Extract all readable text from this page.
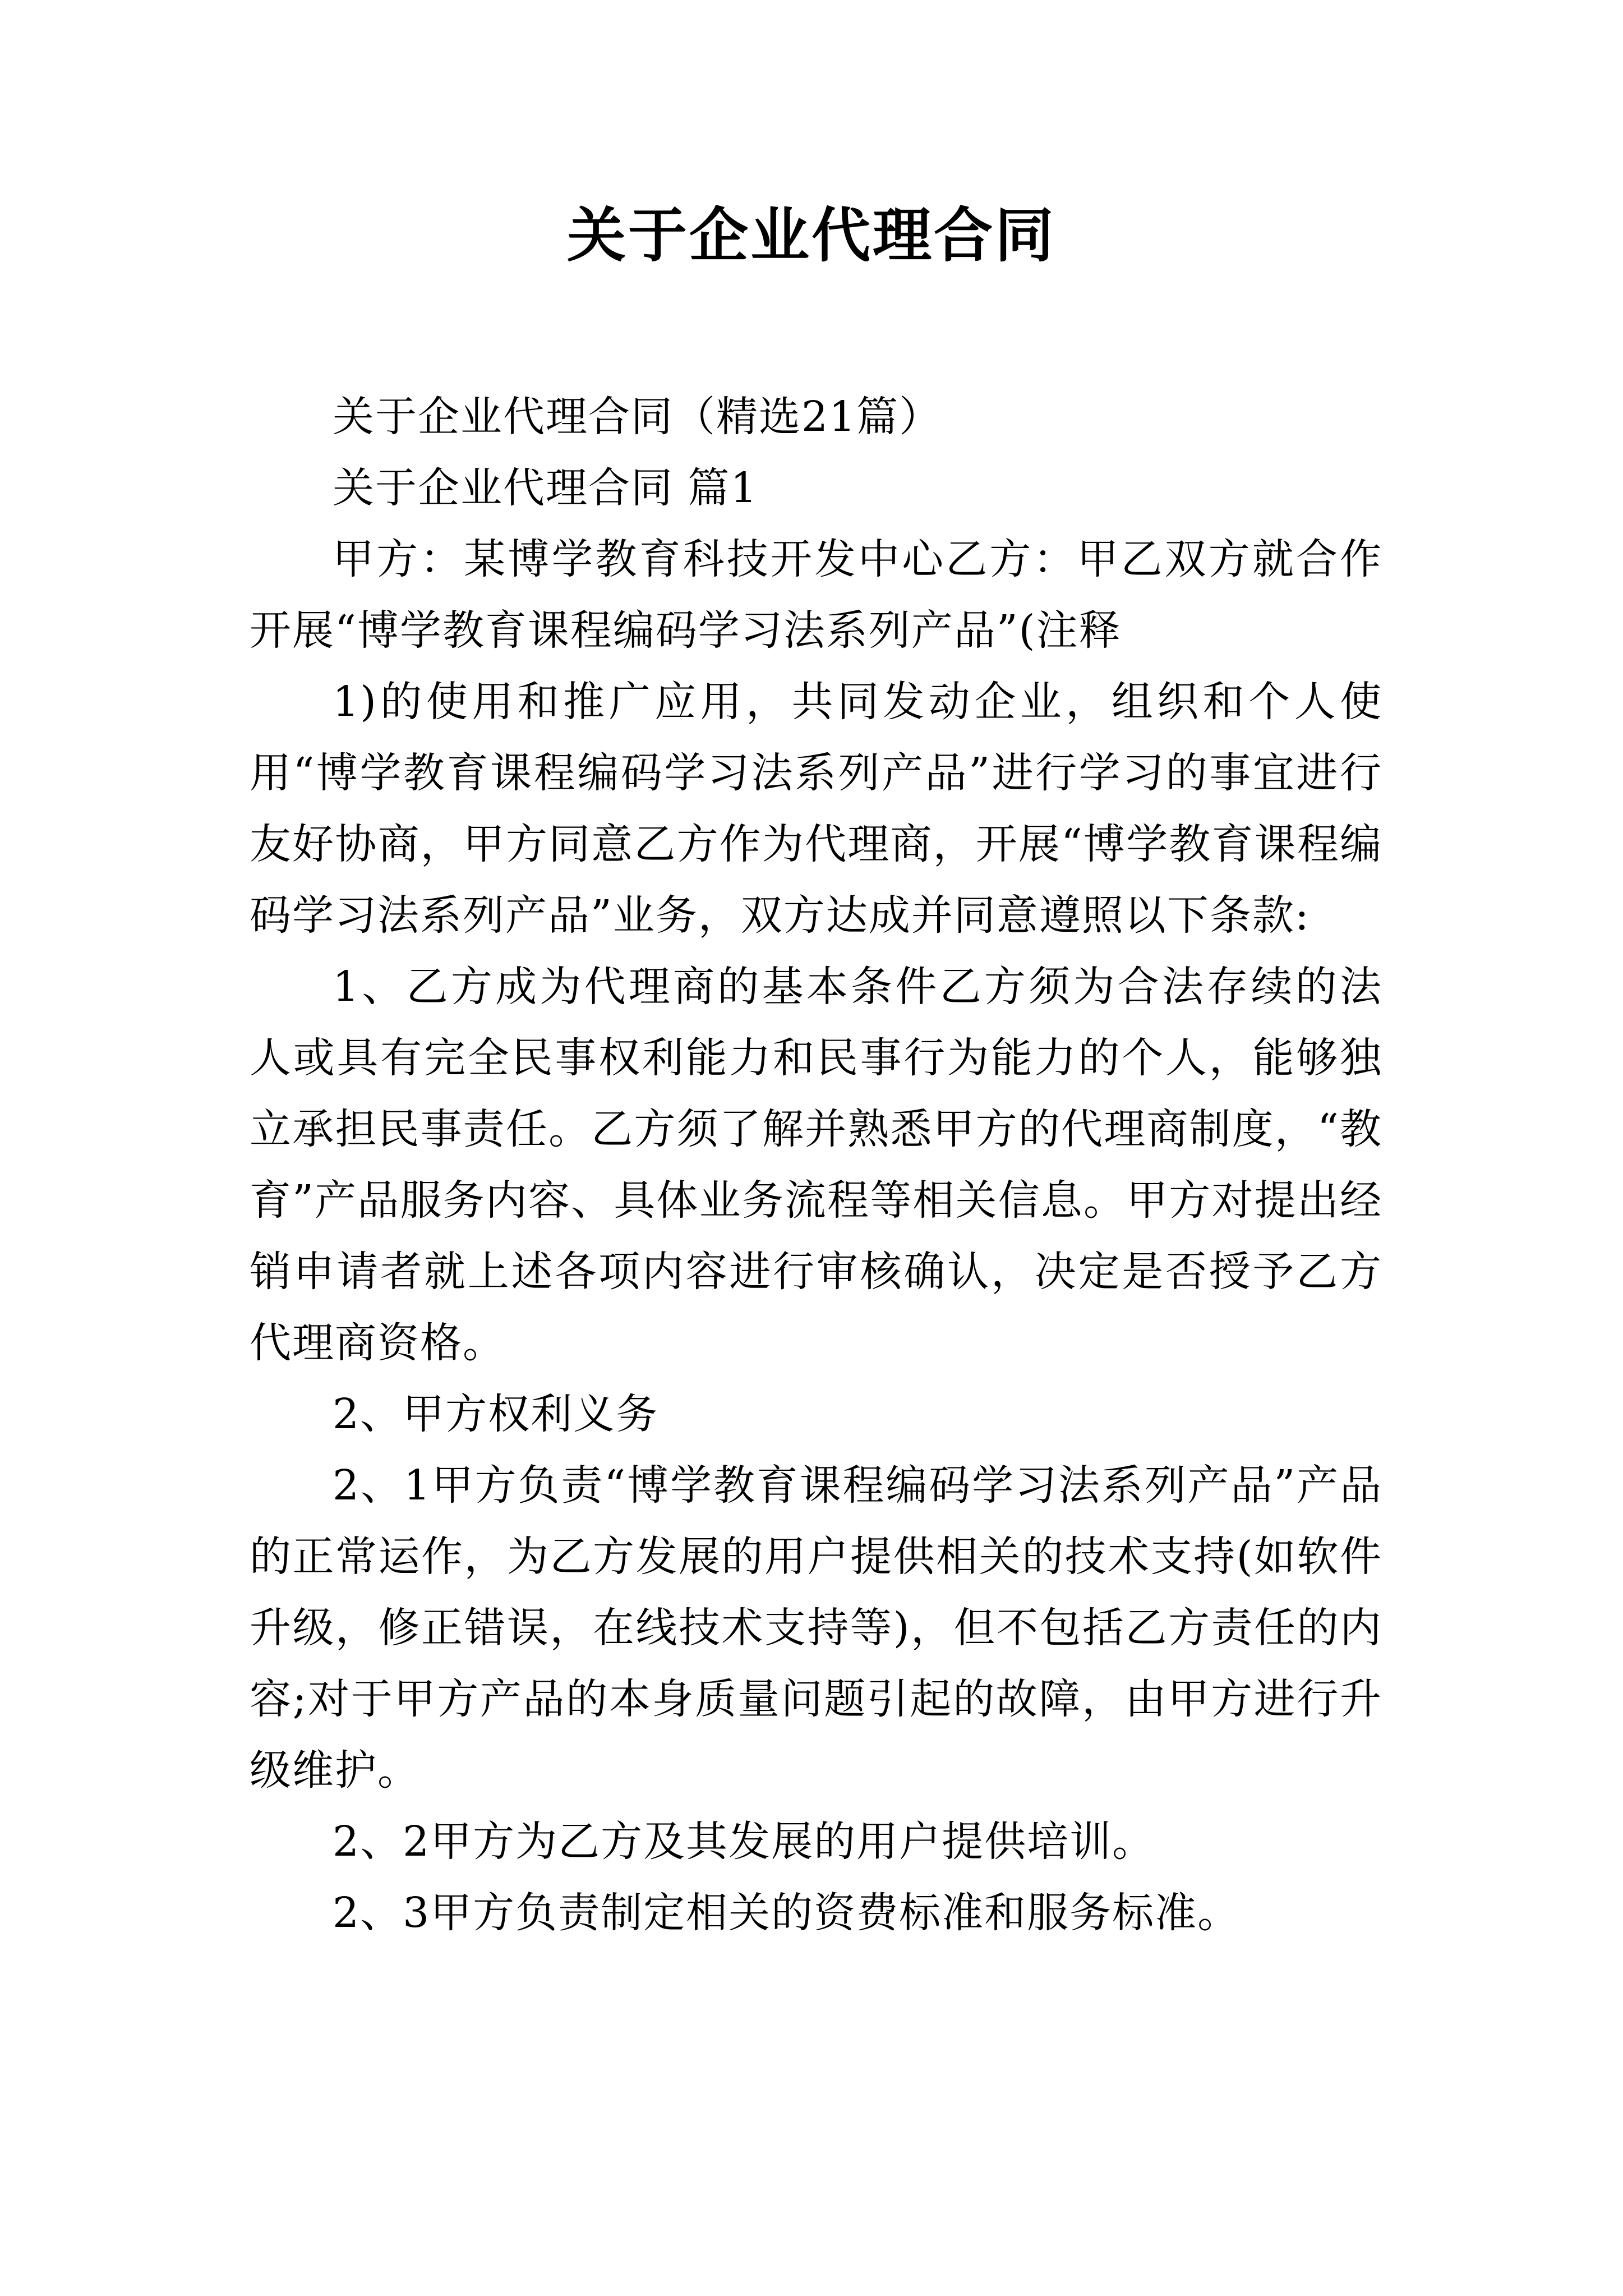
关于企业代理合同

关于企业代理合同（精选21篇）

关于企业代理合同 篇1

甲方：某博学教育科技开发中心乙方：甲乙双方就合作开展“博学教育课程编码学习法系列产品”(注释

1)的使用和推广应用，共同发动企业，组织和个人使用“博学教育课程编码学习法系列产品”进行学习的事宜进行友好协商，甲方同意乙方作为代理商，开展“博学教育课程编码学习法系列产品”业务，双方达成并同意遵照以下条款:

1、乙方成为代理商的基本条件乙方须为合法存续的法人或具有完全民事权利能力和民事行为能力的个人，能够独立承担民事责任。乙方须了解并熟悉甲方的代理商制度，“教育”产品服务内容、具体业务流程等相关信息。甲方对提出经销申请者就上述各项内容进行审核确认，决定是否授予乙方代理商资格。

2、甲方权利义务

2、1甲方负责“博学教育课程编码学习法系列产品”产品的正常运作，为乙方发展的用户提供相关的技术支持(如软件升级，修正错误，在线技术支持等)，但不包括乙方责任的内容;对于甲方产品的本身质量问题引起的故障，由甲方进行升级维护。

2、2甲方为乙方及其发展的用户提供培训。

2、3甲方负责制定相关的资费标准和服务标准。
